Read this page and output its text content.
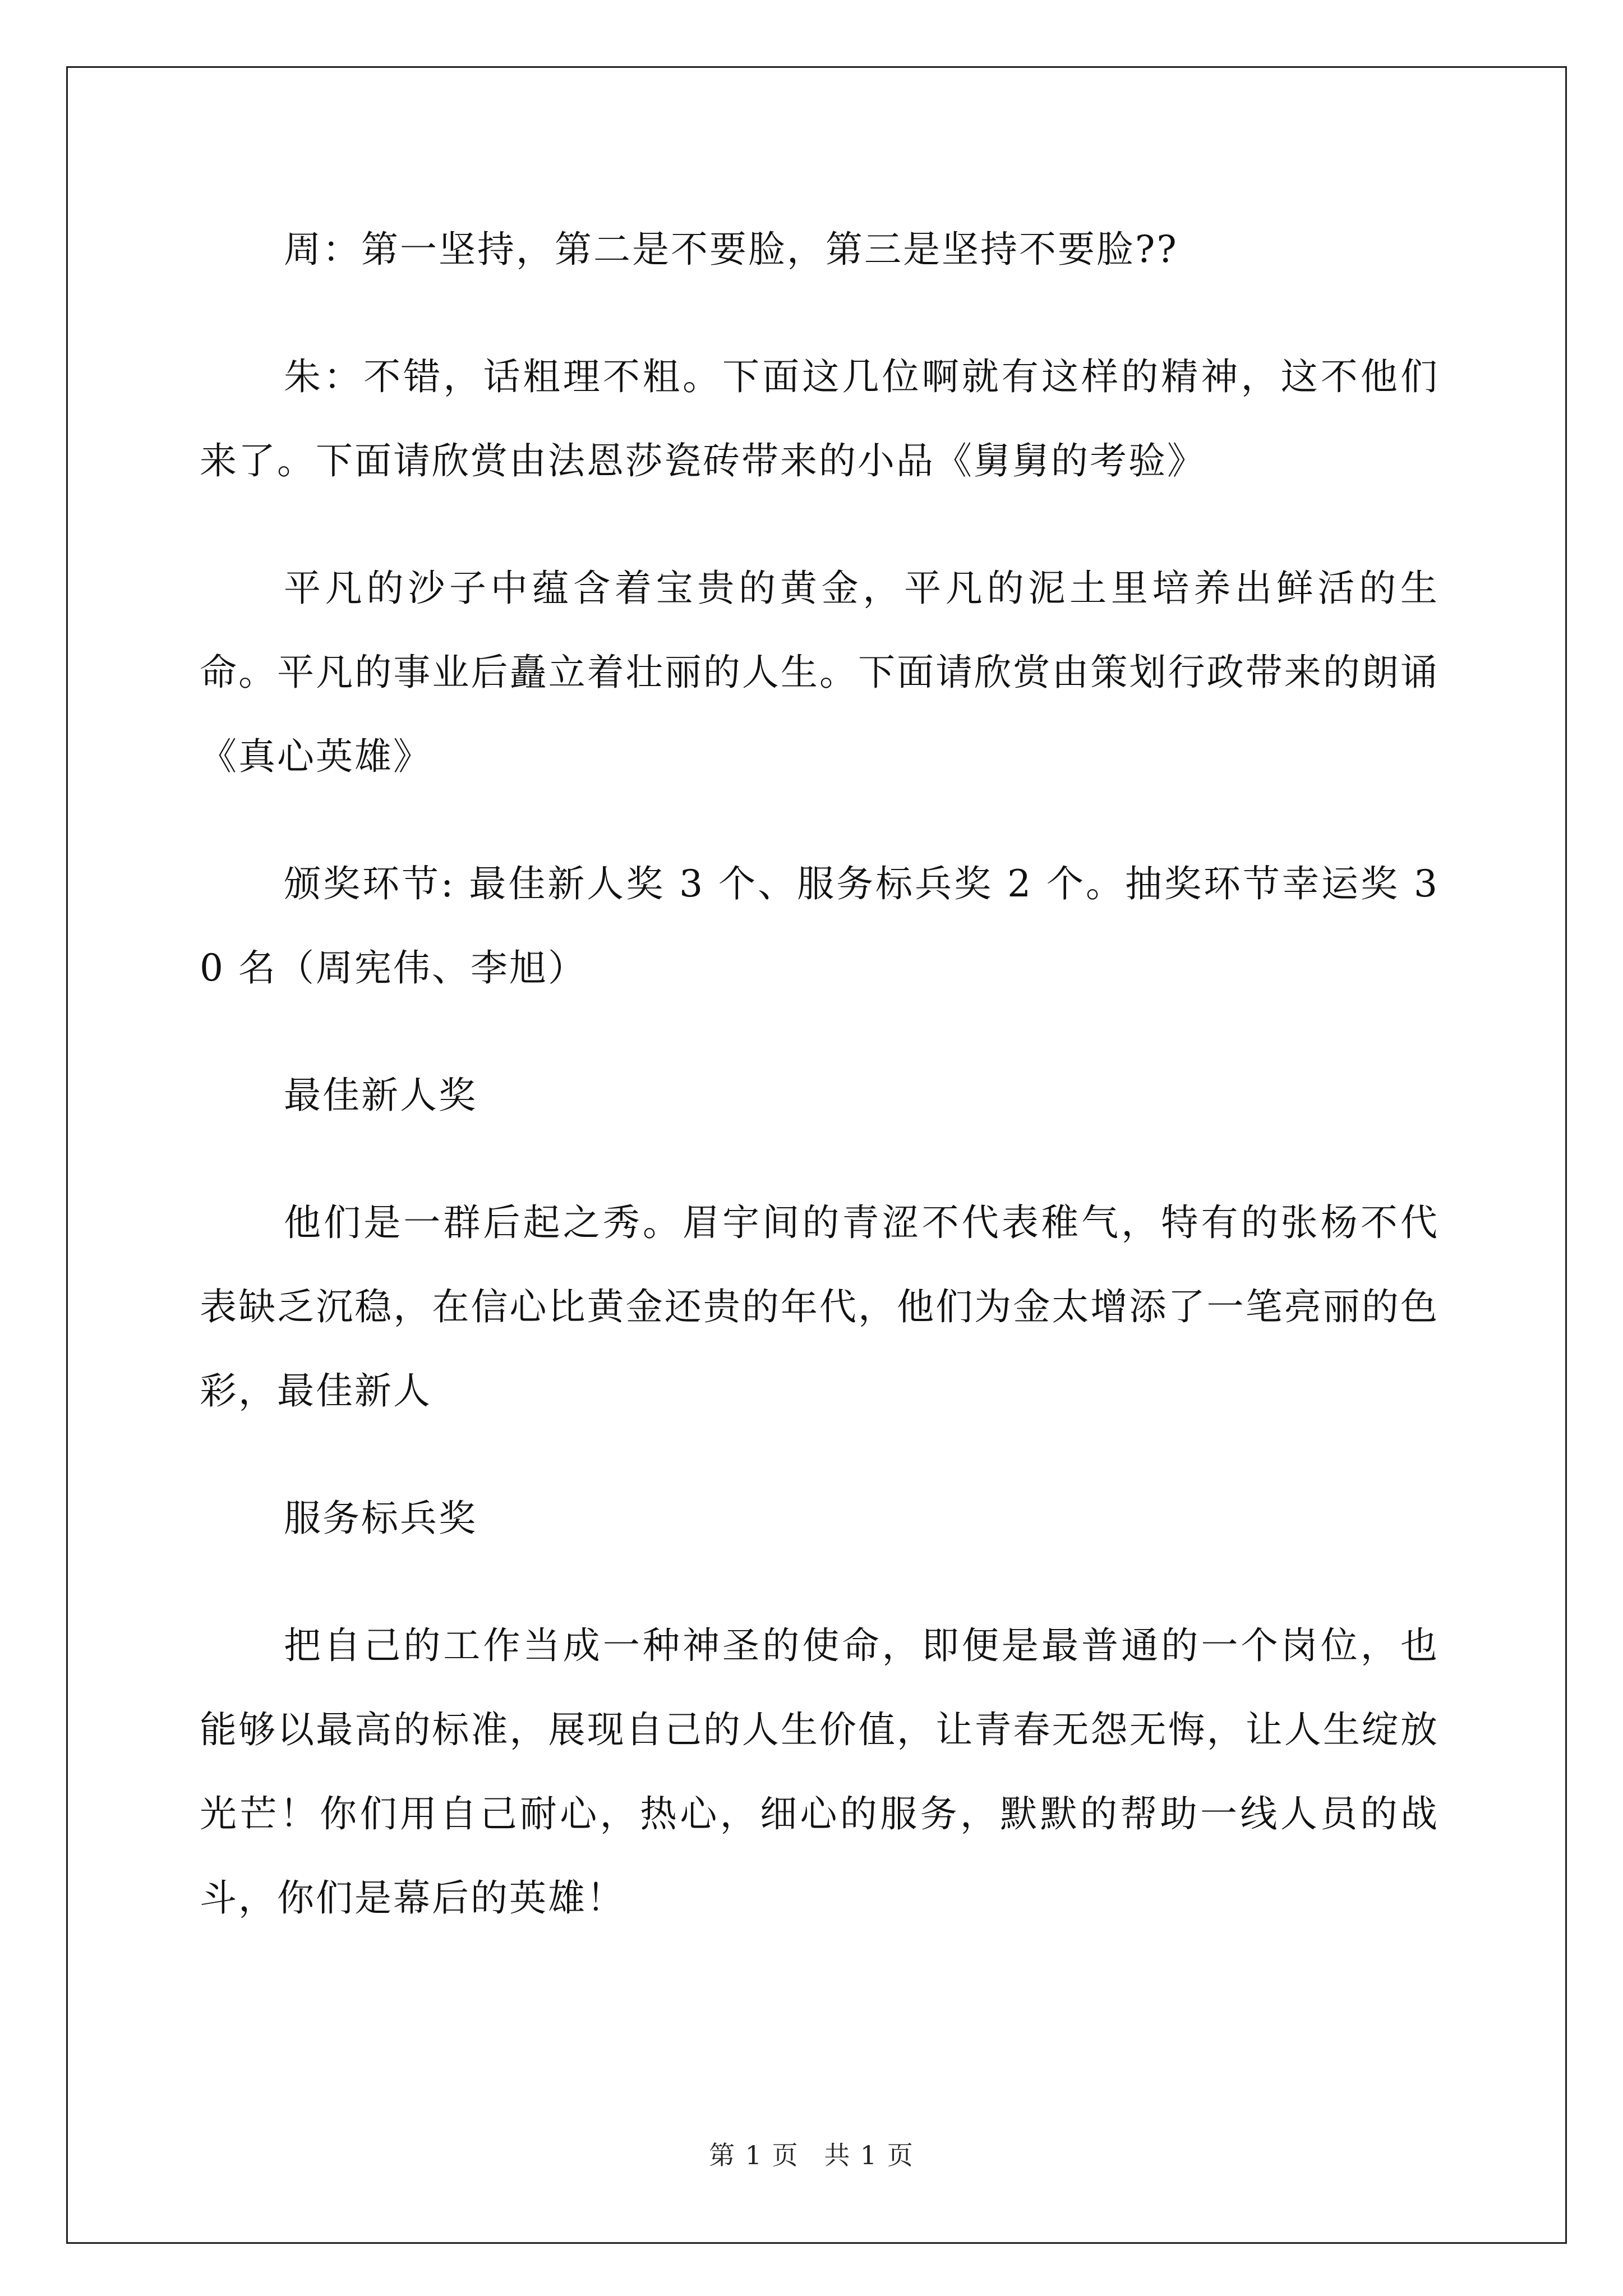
周：第一坚持，第二是不要脸，第三是坚持不要脸??

朱：不错，话粗理不粗。下面这几位啊就有这样的精神，这不他们来了。下面请欣赏由法恩莎瓷砖带来的小品《舅舅的考验》

平凡的沙子中蕴含着宝贵的黄金，平凡的泥土里培养出鲜活的生命。平凡的事业后矗立着壮丽的人生。下面请欣赏由策划行政带来的朗诵《真心英雄》

颁奖环节: 最佳新人奖 3 个、服务标兵奖 2 个。抽奖环节幸运奖 30 名（周宪伟、李旭）

最佳新人奖

他们是一群后起之秀。眉宇间的青涩不代表稚气，特有的张杨不代表缺乏沉稳，在信心比黄金还贵的年代，他们为金太增添了一笔亮丽的色彩，最佳新人

服务标兵奖

把自己的工作当成一种神圣的使命，即便是最普通的一个岗位，也能够以最高的标准，展现自己的人生价值，让青春无怨无悔，让人生绽放光芒！你们用自己耐心，热心，细心的服务，默默的帮助一线人员的战斗，你们是幕后的英雄！

第 1 页 共 1 页
